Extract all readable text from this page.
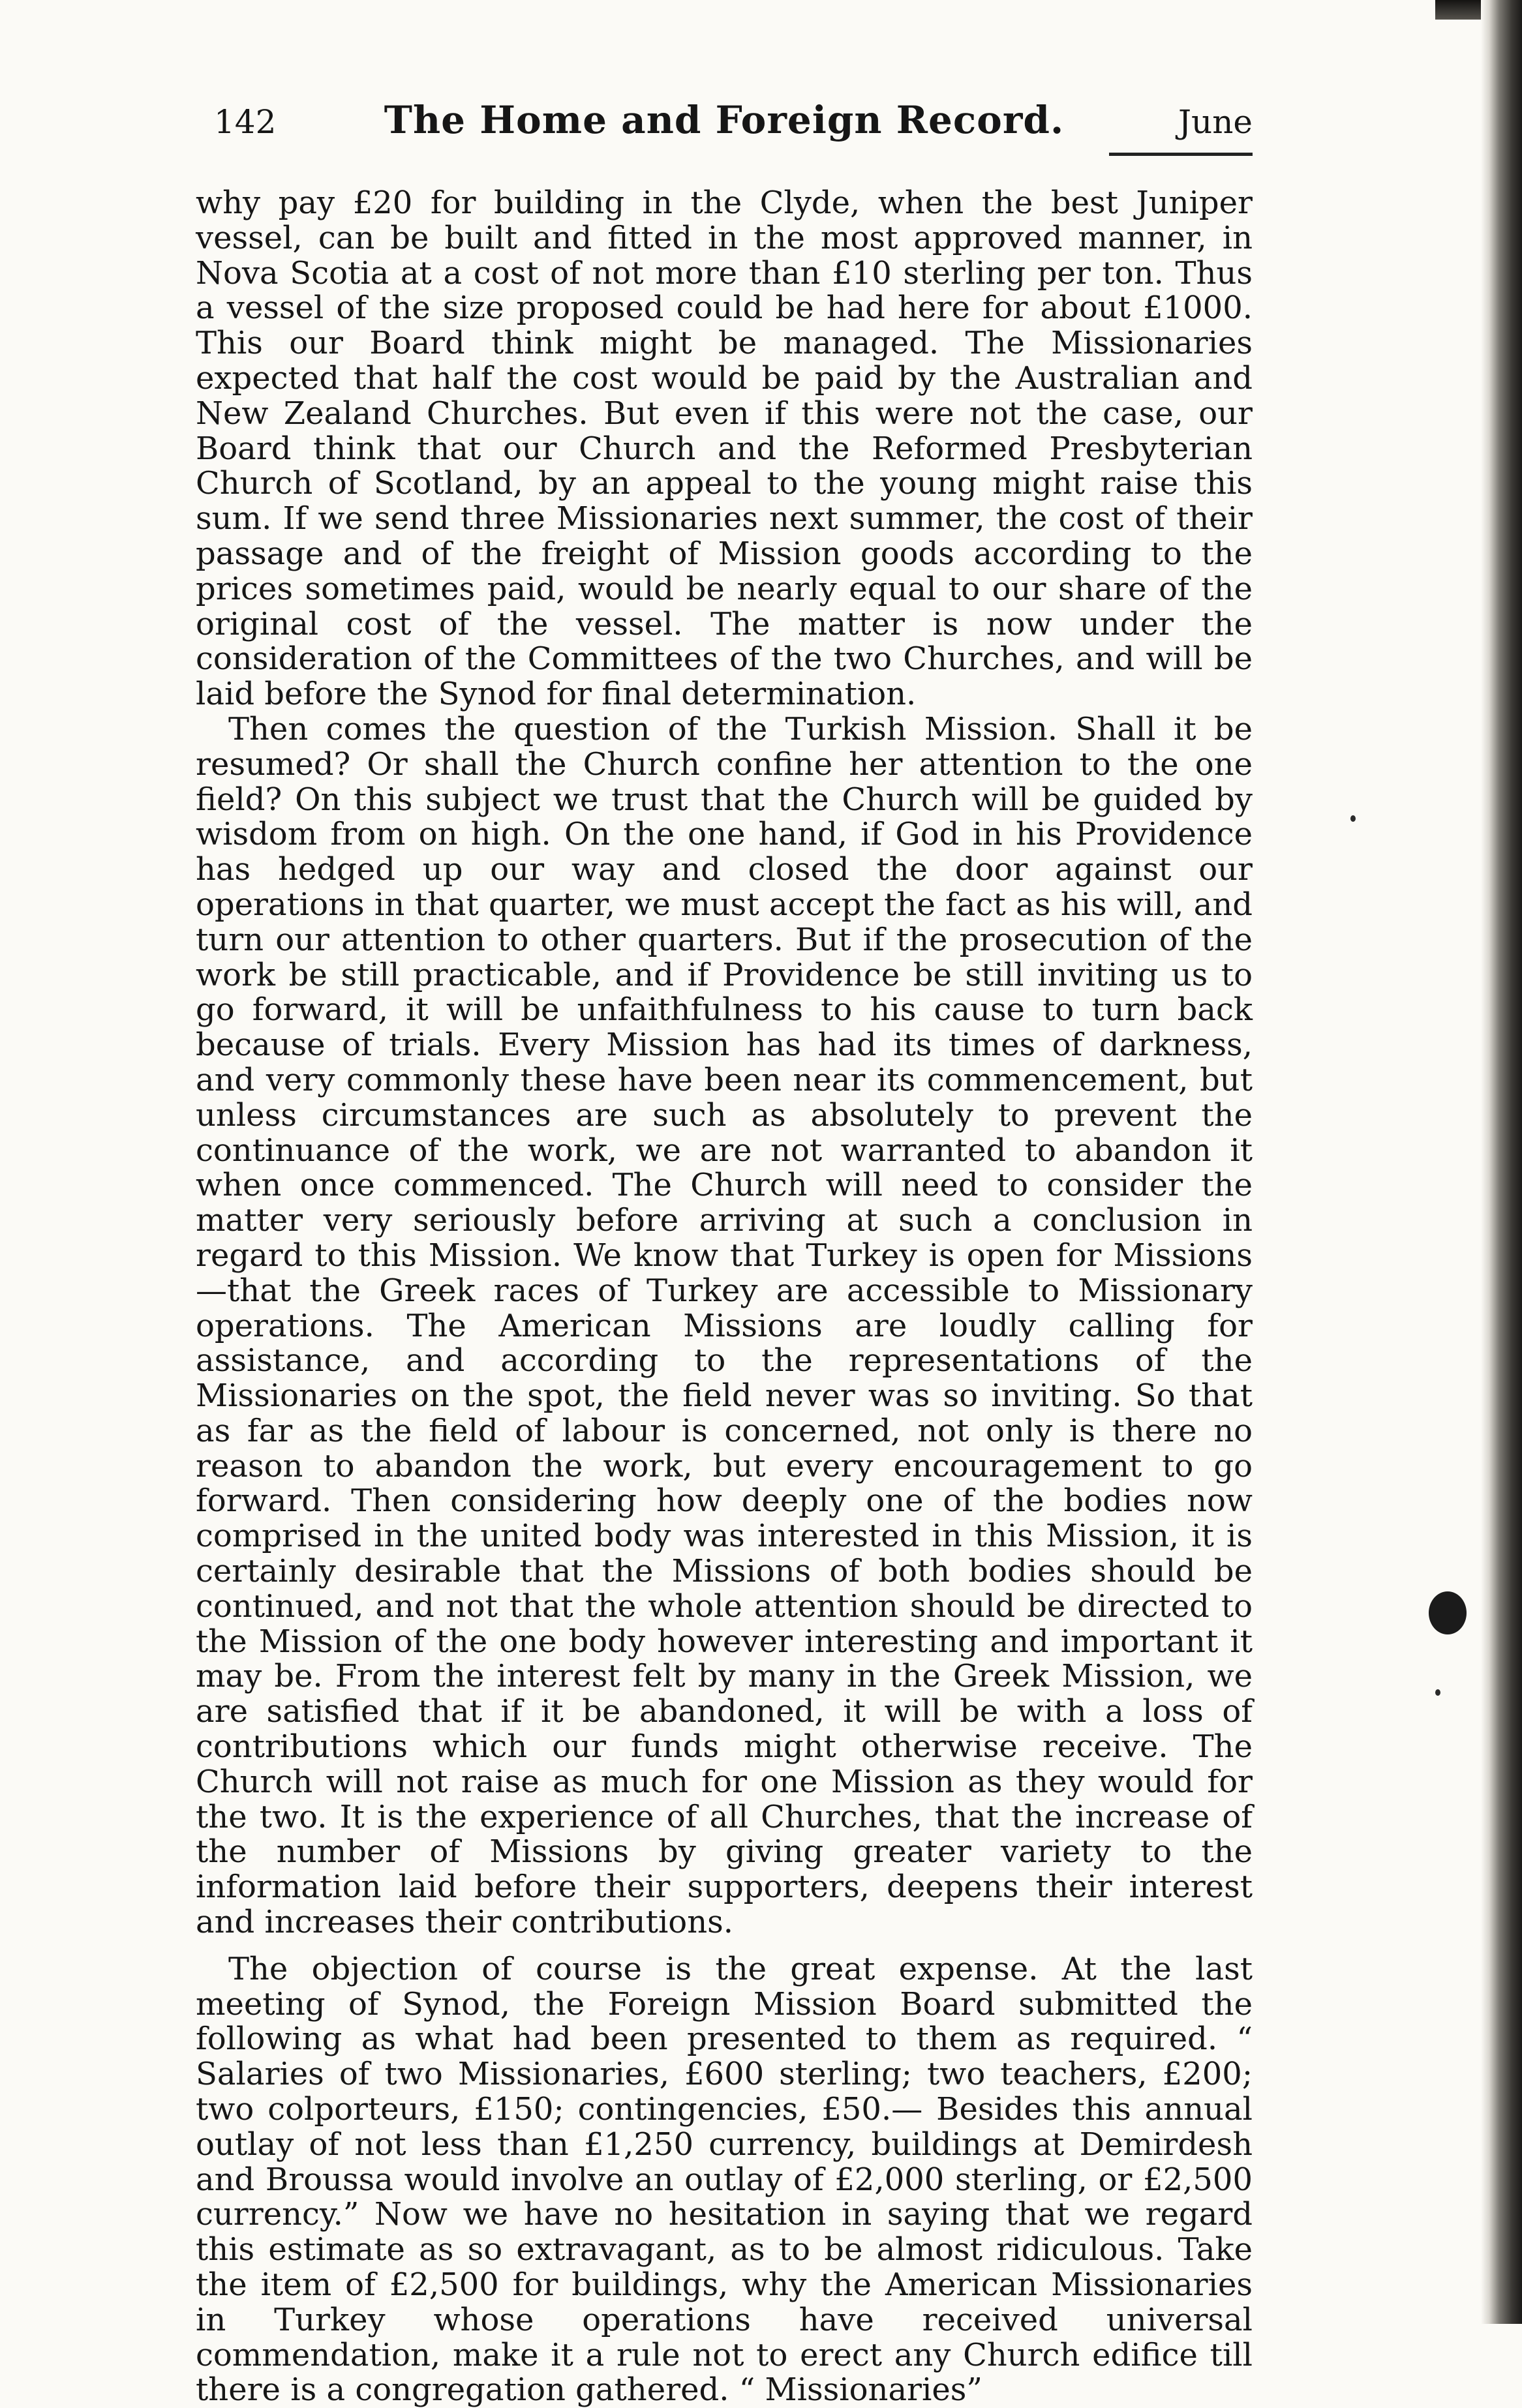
142	The Home and Foreign Record.	June

why pay £20 for building in the Clyde, when the best Juniper vessel, can be built and fitted in the most approved manner, in Nova Scotia at a cost of not more than £10 sterling per ton. Thus a vessel of the size proposed could be had here for about £1000. This our Board think might be managed. The Missionaries expected that half the cost would be paid by the Australian and New Zealand Churches. But even if this were not the case, our Board think that our Church and the Reformed Presbyterian Church of Scotland, by an appeal to the young might raise this sum. If we send three Missionaries next summer, the cost of their passage and of the freight of Mission goods according to the prices sometimes paid, would be nearly equal to our share of the original cost of the vessel. The matter is now under the consideration of the Committees of the two Churches, and will be laid before the Synod for final determination.

Then comes the question of the Turkish Mission. Shall it be resumed? Or shall the Church confine her attention to the one field? On this subject we trust that the Church will be guided by wisdom from on high. On the one hand, if God in his Providence has hedged up our way and closed the door against our operations in that quarter, we must accept the fact as his will, and turn our attention to other quarters. But if the prosecution of the work be still practicable, and if Providence be still inviting us to go forward, it will be unfaithfulness to his cause to turn back because of trials. Every Mission has had its times of darkness, and very commonly these have been near its commencement, but unless circumstances are such as absolutely to prevent the continuance of the work, we are not warranted to abandon it when once commenced. The Church will need to consider the matter very seriously before arriving at such a conclusion in regard to this Mission. We know that Turkey is open for Missions—that the Greek races of Turkey are accessible to Missionary operations. The American Missions are loudly calling for assistance, and according to the representations of the Missionaries on the spot, the field never was so inviting. So that as far as the field of labour is concerned, not only is there no reason to abandon the work, but every encouragement to go forward. Then considering how deeply one of the bodies now comprised in the united body was interested in this Mission, it is certainly desirable that the Missions of both bodies should be continued, and not that the whole attention should be directed to the Mission of the one body however interesting and important it may be. From the interest felt by many in the Greek Mission, we are satisfied that if it be abandoned, it will be with a loss of contributions which our funds might otherwise receive. The Church will not raise as much for one Mission as they would for the two. It is the experience of all Churches, that the increase of the number of Missions by giving greater variety to the information laid before their supporters, deepens their interest and increases their contributions.

The objection of course is the great expense. At the last meeting of Synod, the Foreign Mission Board submitted the following as what had been presented to them as required. “ Salaries of two Missionaries, £600 sterling; two teachers, £200; two colporteurs, £150; contingencies, £50.— Besides this annual outlay of not less than £1,250 currency, buildings at Demirdesh and Broussa would involve an outlay of £2,000 sterling, or £2,500 currency.” Now we have no hesitation in saying that we regard this estimate as so extravagant, as to be almost ridiculous. Take the item of £2,500 for buildings, why the American Missionaries in Turkey whose operations have received universal commendation, make it a rule not to erect any Church edifice till there is a congregation gathered. “ Missionaries”
